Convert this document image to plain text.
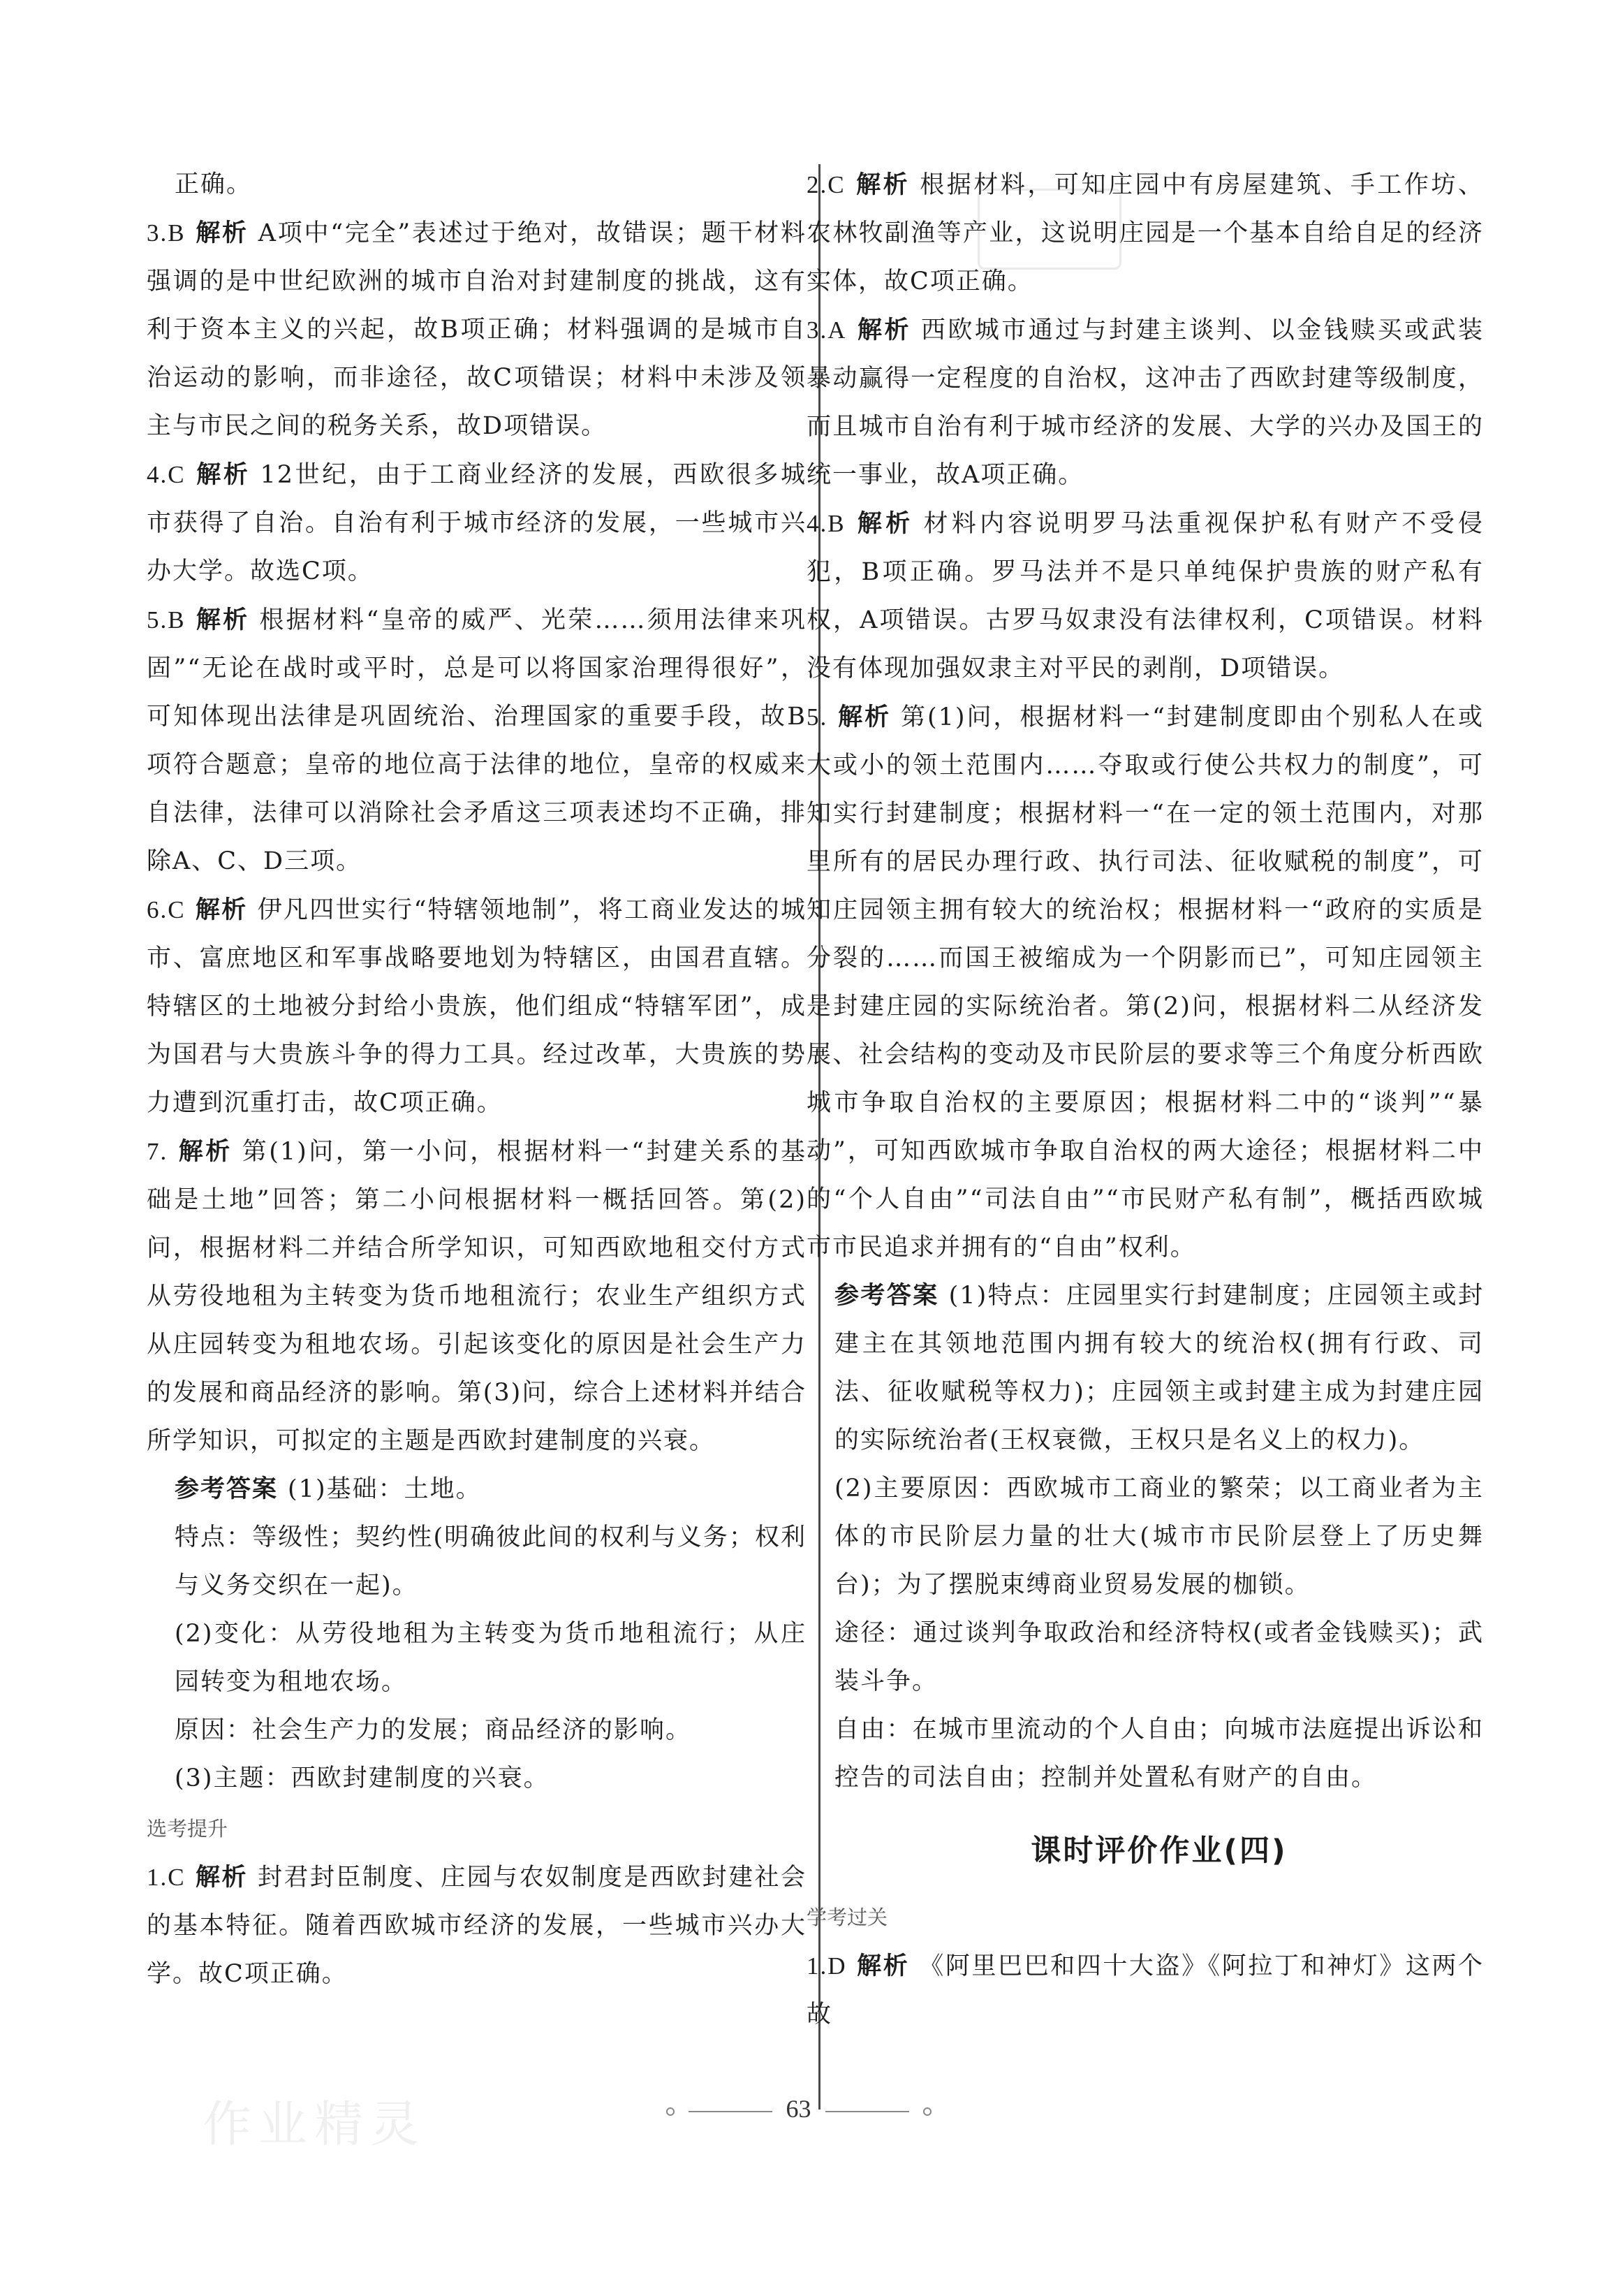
正确。

3.B 解析 A项中“完全”表述过于绝对，故错误；题干材料强调的是中世纪欧洲的城市自治对封建制度的挑战，这有利于资本主义的兴起，故B项正确；材料强调的是城市自治运动的影响，而非途径，故C项错误；材料中未涉及领主与市民之间的税务关系，故D项错误。

4.C 解析 12世纪，由于工商业经济的发展，西欧很多城市获得了自治。自治有利于城市经济的发展，一些城市兴办大学。故选C项。

5.B 解析 根据材料“皇帝的威严、光荣……须用法律来巩固”“无论在战时或平时，总是可以将国家治理得很好”，可知体现出法律是巩固统治、治理国家的重要手段，故B项符合题意；皇帝的地位高于法律的地位，皇帝的权威来自法律，法律可以消除社会矛盾这三项表述均不正确，排除A、C、D三项。

6.C 解析 伊凡四世实行“特辖领地制”，将工商业发达的城市、富庶地区和军事战略要地划为特辖区，由国君直辖。特辖区的土地被分封给小贵族，他们组成“特辖军团”，成为国君与大贵族斗争的得力工具。经过改革，大贵族的势力遭到沉重打击，故C项正确。

7. 解析 第(1)问，第一小问，根据材料一“封建关系的基础是土地”回答；第二小问根据材料一概括回答。第(2)问，根据材料二并结合所学知识，可知西欧地租交付方式从劳役地租为主转变为货币地租流行；农业生产组织方式从庄园转变为租地农场。引起该变化的原因是社会生产力的发展和商品经济的影响。第(3)问，综合上述材料并结合所学知识，可拟定的主题是西欧封建制度的兴衰。

参考答案 (1)基础：土地。

特点：等级性；契约性(明确彼此间的权利与义务；权利与义务交织在一起)。

(2)变化：从劳役地租为主转变为货币地租流行；从庄园转变为租地农场。

原因：社会生产力的发展；商品经济的影响。

(3)主题：西欧封建制度的兴衰。

选考提升

1.C 解析 封君封臣制度、庄园与农奴制度是西欧封建社会的基本特征。随着西欧城市经济的发展，一些城市兴办大学。故C项正确。

2.C 解析 根据材料，可知庄园中有房屋建筑、手工作坊、农林牧副渔等产业，这说明庄园是一个基本自给自足的经济实体，故C项正确。

3.A 解析 西欧城市通过与封建主谈判、以金钱赎买或武装暴动赢得一定程度的自治权，这冲击了西欧封建等级制度，而且城市自治有利于城市经济的发展、大学的兴办及国王的统一事业，故A项正确。

4.B 解析 材料内容说明罗马法重视保护私有财产不受侵犯，B项正确。罗马法并不是只单纯保护贵族的财产私有权，A项错误。古罗马奴隶没有法律权利，C项错误。材料没有体现加强奴隶主对平民的剥削，D项错误。

5. 解析 第(1)问，根据材料一“封建制度即由个别私人在或大或小的领土范围内……夺取或行使公共权力的制度”，可知实行封建制度；根据材料一“在一定的领土范围内，对那里所有的居民办理行政、执行司法、征收赋税的制度”，可知庄园领主拥有较大的统治权；根据材料一“政府的实质是分裂的……而国王被缩成为一个阴影而已”，可知庄园领主是封建庄园的实际统治者。第(2)问，根据材料二从经济发展、社会结构的变动及市民阶层的要求等三个角度分析西欧城市争取自治权的主要原因；根据材料二中的“谈判”“暴动”，可知西欧城市争取自治权的两大途径；根据材料二中的“个人自由”“司法自由”“市民财产私有制”，概括西欧城市市民追求并拥有的“自由”权利。

参考答案 (1)特点：庄园里实行封建制度；庄园领主或封建主在其领地范围内拥有较大的统治权(拥有行政、司法、征收赋税等权力)；庄园领主或封建主成为封建庄园的实际统治者(王权衰微，王权只是名义上的权力)。

(2)主要原因：西欧城市工商业的繁荣；以工商业者为主体的市民阶层力量的壮大(城市市民阶层登上了历史舞台)；为了摆脱束缚商业贸易发展的枷锁。

途径：通过谈判争取政治和经济特权(或者金钱赎买)；武装斗争。

自由：在城市里流动的个人自由；向城市法庭提出诉讼和控告的司法自由；控制并处置私有财产的自由。

课时评价作业(四)
学考过关

1.D 解析 《阿里巴巴和四十大盗》《阿拉丁和神灯》这两个故

作业精灵	63
